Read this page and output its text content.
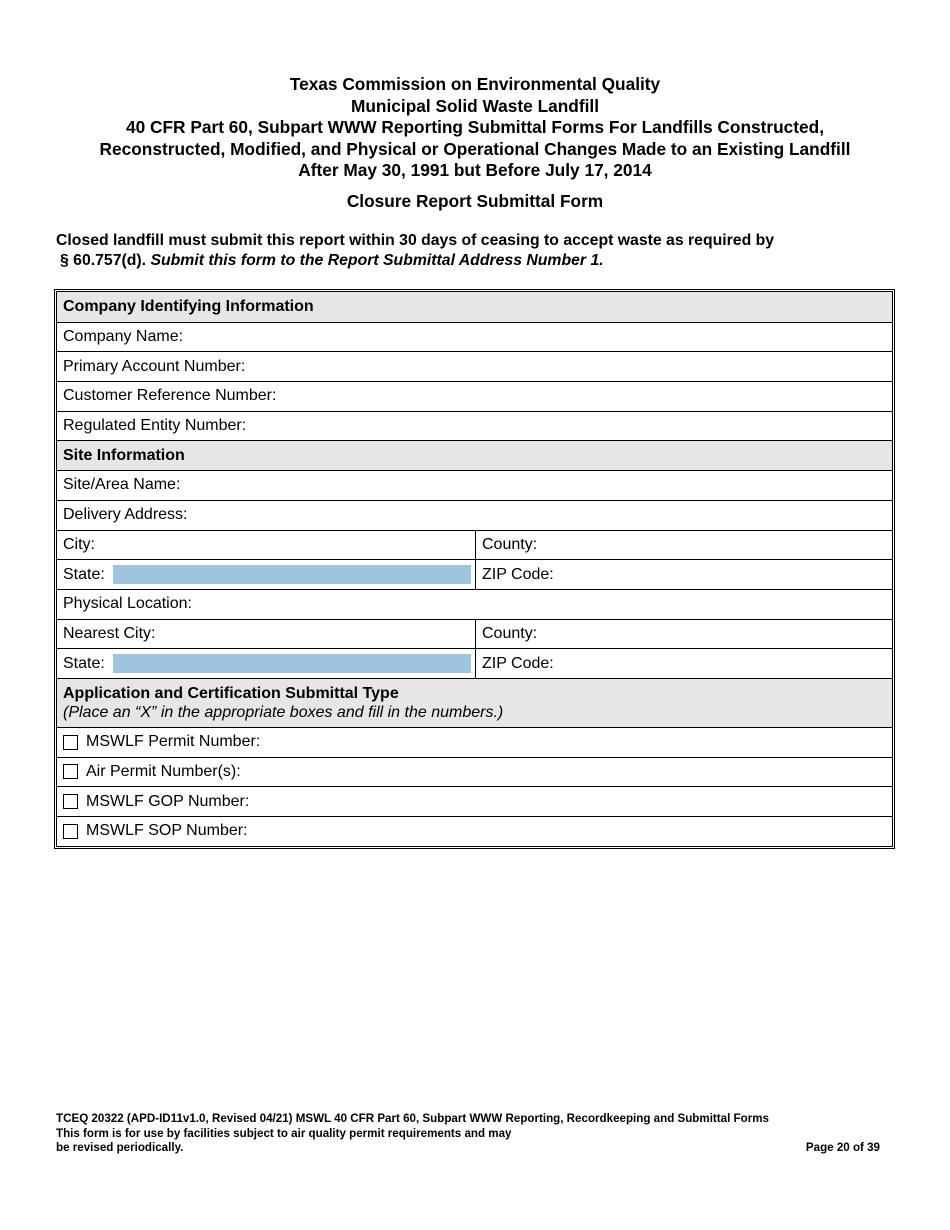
Texas Commission on Environmental Quality
Municipal Solid Waste Landfill
40 CFR Part 60, Subpart WWW Reporting Submittal Forms For Landfills Constructed,
Reconstructed, Modified, and Physical or Operational Changes Made to an Existing Landfill
After May 30, 1991 but Before July 17, 2014
Closure Report Submittal Form
Closed landfill must submit this report within 30 days of ceasing to accept waste as required by
§ 60.757(d). Submit this form to the Report Submittal Address Number 1.
Company Identifying Information
Company Name:
Primary Account Number:
Customer Reference Number:
Regulated Entity Number:
Site Information
Site/Area Name:
Delivery Address:
City:	County:
State:	ZIP Code:
Physical Location:
Nearest City:	County:
State:	ZIP Code:
Application and Certification Submittal Type
(Place an “X” in the appropriate boxes and fill in the numbers.)
MSWLF Permit Number:
Air Permit Number(s):
MSWLF GOP Number:
MSWLF SOP Number:
TCEQ 20322 (APD-ID11v1.0, Revised 04/21) MSWL 40 CFR Part 60, Subpart WWW Reporting, Recordkeeping and Submittal Forms
This form is for use by facilities subject to air quality permit requirements and may
be revised periodically.	Page 20 of 39
